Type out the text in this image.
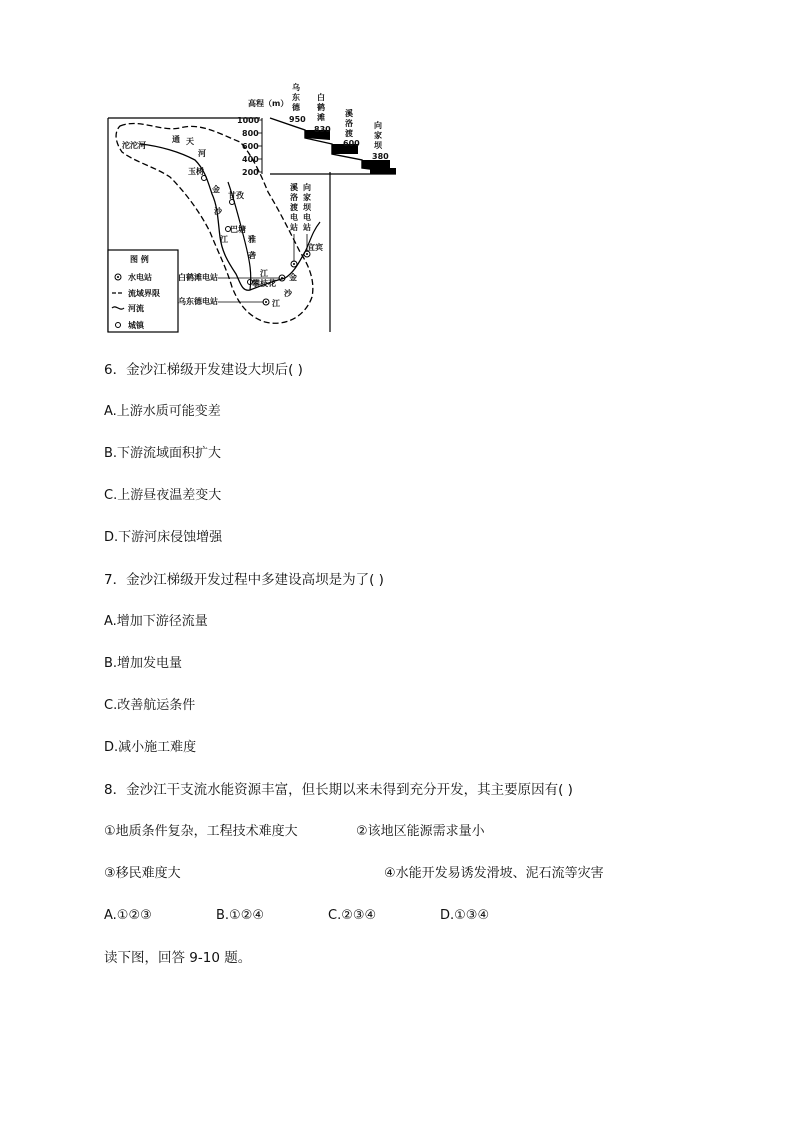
高程（m）
1000
800
600
400
200
乌
东
德
950
白
鹤
滩
830
溪
洛
渡
600
向
家
坝
380
沱沱河
通 天
河
玉树
金
沙
江
甘孜
巴塘
雅
砻
江
攀枝花
金
沙
江
宜宾
溪
洛
渡
电
站
向
家
坝
电
站
白鹤滩电站
乌东德电站
图 例
水电站
流域界限
河流
城镇
6．金沙江梯级开发建设大坝后( )
A.上游水质可能变差
B.下游流域面积扩大
C.上游昼夜温差变大
D.下游河床侵蚀增强
7．金沙江梯级开发过程中多建设高坝是为了( )
A.增加下游径流量
B.增加发电量
C.改善航运条件
D.减小施工难度
8．金沙江干支流水能资源丰富，但长期以来未得到充分开发，其主要原因有( )
①地质条件复杂，工程技术难度大	②该地区能源需求量小
③移民难度大	④水能开发易诱发滑坡、泥石流等灾害
A.①②③	B.①②④	C.②③④	D.①③④
读下图，回答 9-10 题。
